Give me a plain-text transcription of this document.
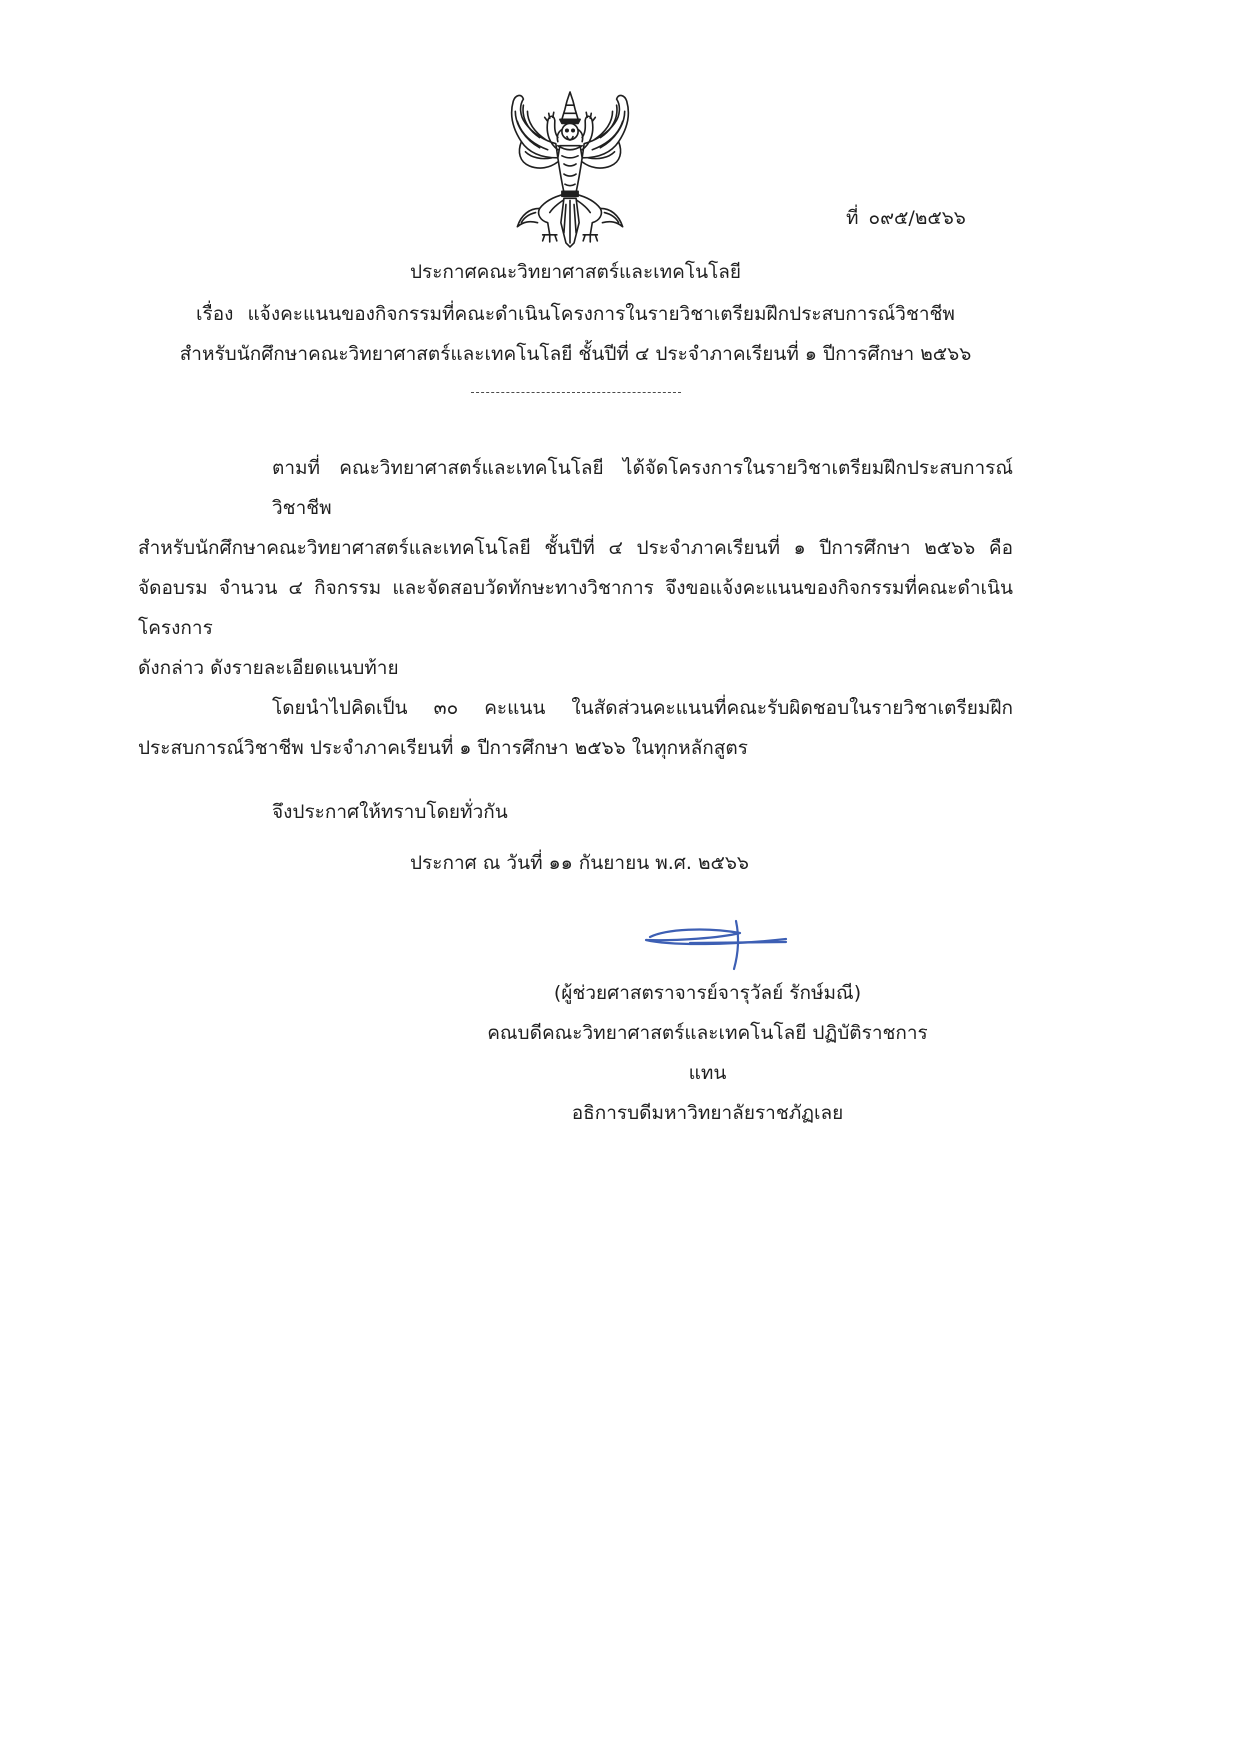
ที่ ๐๙๕/๒๕๖๖
ประกาศคณะวิทยาศาสตร์และเทคโนโลยี
เรื่อง แจ้งคะแนนของกิจกรรมที่คณะดำเนินโครงการในรายวิชาเตรียมฝึกประสบการณ์วิชาชีพ
สำหรับนักศึกษาคณะวิทยาศาสตร์และเทคโนโลยี ชั้นปีที่ ๔ ประจำภาคเรียนที่ ๑ ปีการศึกษา ๒๕๖๖
ตามที่ คณะวิทยาศาสตร์และเทคโนโลยี ได้จัดโครงการในรายวิชาเตรียมฝึกประสบการณ์วิชาชีพ
สำหรับนักศึกษาคณะวิทยาศาสตร์และเทคโนโลยี ชั้นปีที่ ๔ ประจำภาคเรียนที่ ๑ ปีการศึกษา ๒๕๖๖ คือ
จัดอบรม จำนวน ๔ กิจกรรม และจัดสอบวัดทักษะทางวิชาการ จึงขอแจ้งคะแนนของกิจกรรมที่คณะดำเนินโครงการ
ดังกล่าว ดังรายละเอียดแนบท้าย
โดยนำไปคิดเป็น ๓๐ คะแนน ในสัดส่วนคะแนนที่คณะรับผิดชอบในรายวิชาเตรียมฝึก
ประสบการณ์วิชาชีพ ประจำภาคเรียนที่ ๑ ปีการศึกษา ๒๕๖๖ ในทุกหลักสูตร
จึงประกาศให้ทราบโดยทั่วกัน
ประกาศ ณ วันที่ ๑๑ กันยายน พ.ศ. ๒๕๖๖
(ผู้ช่วยศาสตราจารย์จารุวัลย์ รักษ์มณี)
คณบดีคณะวิทยาศาสตร์และเทคโนโลยี ปฏิบัติราชการแทน
อธิการบดีมหาวิทยาลัยราชภัฏเลย
